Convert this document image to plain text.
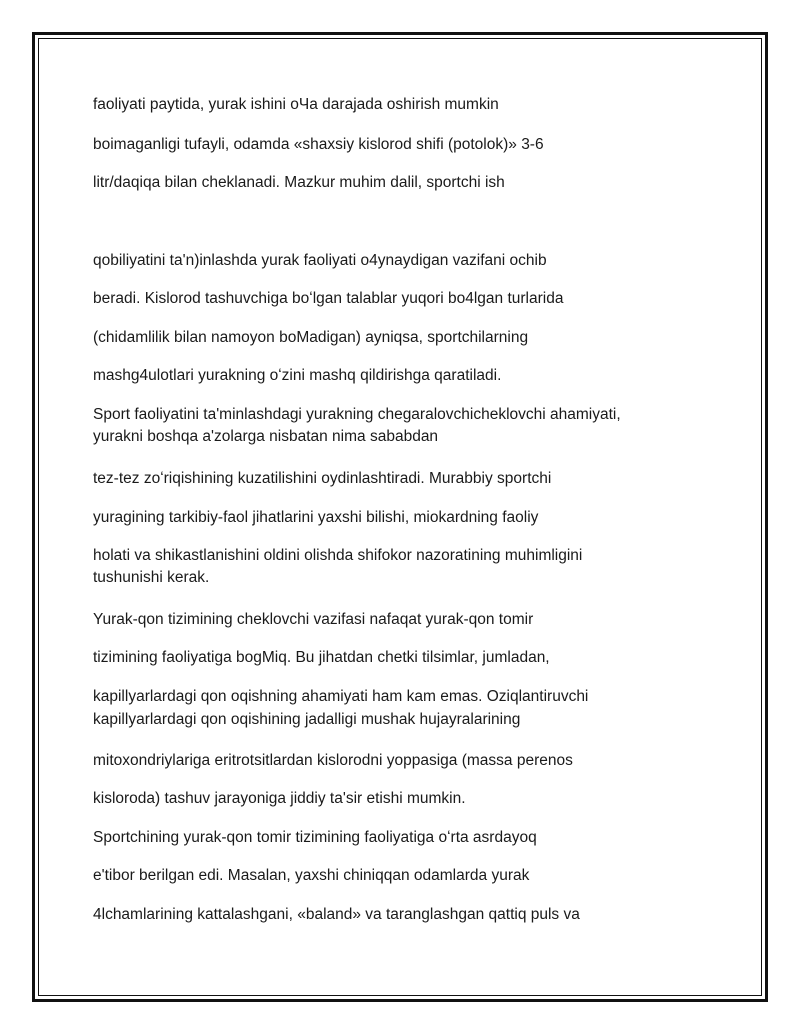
faoliyati paytida, yurak ishini оЧа darajada oshirish mumkin
boimaganligi tufayli, odamda «shaxsiy kislorod shifi (potolok)» 3-6
litr/daqiqa bilan cheklanadi. Mazkur muhim dalil, sportchi ish
qobiliyatini ta'n)inlashda yurak faoliyati o4ynaydigan vazifani ochib
beradi. Kislorod tashuvchiga boʻlgan talablar yuqori bo4lgan turlarida
(chidamlilik bilan namoyon boMadigan) ayniqsa, sportchilarning
mashg4ulotlari yurakning oʻzini mashq qildirishga qaratiladi.
Sport faoliyatini ta'minlashdagi yurakning chegaralovchicheklovchi ahamiyati,
yurakni boshqa a'zolarga nisbatan nima sababdan
tez-tez zoʻriqishining kuzatilishini oydinlashtiradi. Murabbiy sportchi
yuragining tarkibiy-faol jihatlarini yaxshi bilishi, miokardning faoliy
holati va shikastlanishini oldini olishda shifokor nazoratining muhimligini
tushunishi kerak.
Yurak-qon tizimining cheklovchi vazifasi nafaqat yurak-qon tomir
tizimining faoliyatiga bogMiq. Bu jihatdan chetki tilsimlar, jumladan,
kapillyarlardagi qon oqishning ahamiyati ham kam emas. Oziqlantiruvchi
kapillyarlardagi qon oqishining jadalligi mushak hujayralarining
mitoxondriylariga eritrotsitlardan kislorodni yoppasiga (massa perenos
kisloroda) tashuv jarayoniga jiddiy ta'sir etishi mumkin.
Sportchining yurak-qon tomir tizimining faoliyatiga oʻrta asrdayoq
e'tibor berilgan edi. Masalan, yaxshi chiniqqan odamlarda yurak
4lchamlarining kattalashgani, «baland» va taranglashgan qattiq puls va
